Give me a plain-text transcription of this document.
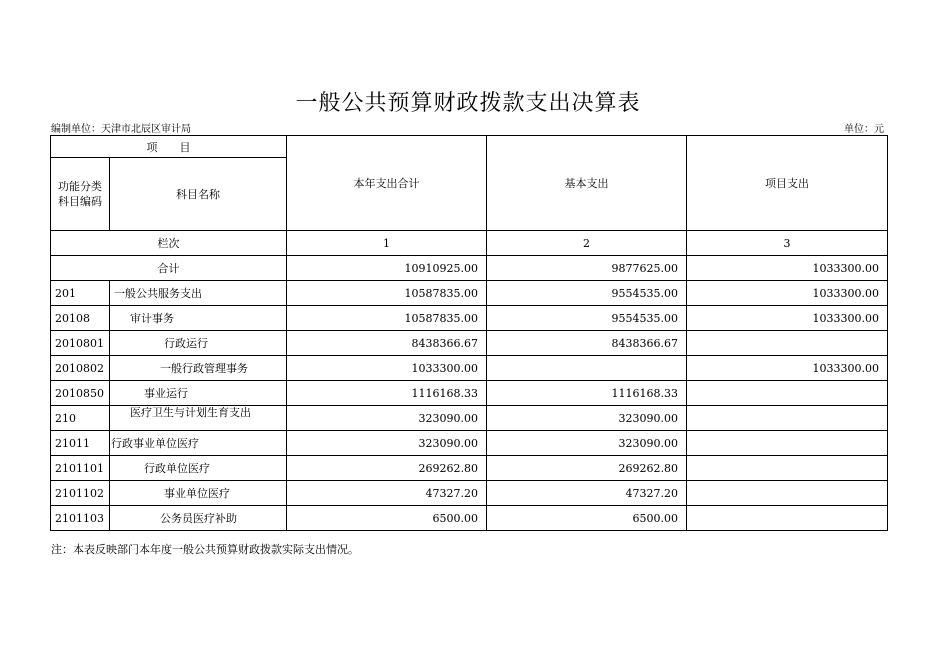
一般公共预算财政拨款支出决算表
编制单位：天津市北辰区审计局	单位：元
项　　目		本年支出合计	基本支出	项目支出
功能分类科目编码	科目名称			
栏次		1	2	3
合计		10910925.00	9877625.00	1033300.00
201	一般公共服务支出	10587835.00	9554535.00	1033300.00
20108	审计事务	10587835.00	9554535.00	1033300.00
2010801	行政运行	8438366.67	8438366.67	
2010802	一般行政管理事务	1033300.00		1033300.00
2010850	事业运行	1116168.33	1116168.33	
210	医疗卫生与计划生育支出	323090.00	323090.00	
21011	行政事业单位医疗	323090.00	323090.00	
2101101	行政单位医疗	269262.80	269262.80	
2101102	事业单位医疗	47327.20	47327.20	
2101103	公务员医疗补助	6500.00	6500.00	
注：本表反映部门本年度一般公共预算财政拨款实际支出情况。
